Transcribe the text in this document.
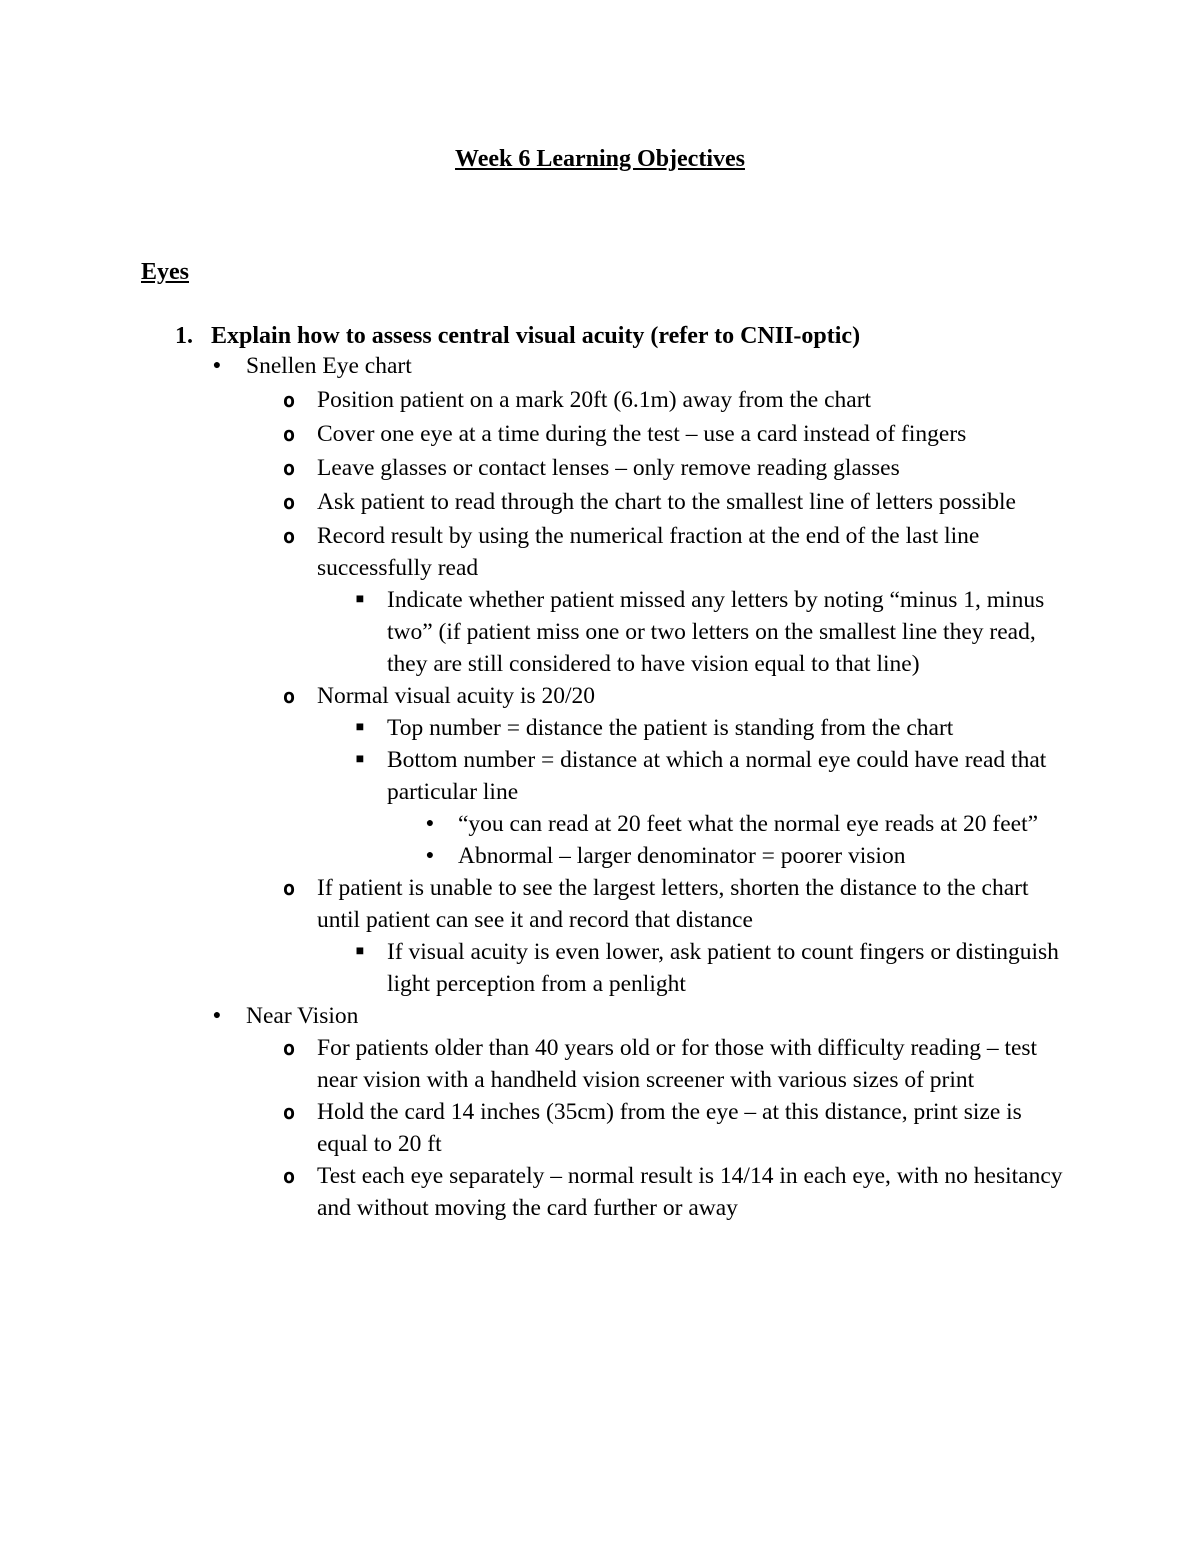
Week 6 Learning Objectives
Eyes
1. Explain how to assess central visual acuity (refer to CNII-optic)
● Snellen Eye chart
o Position patient on a mark 20ft (6.1m) away from the chart
o Cover one eye at a time during the test – use a card instead of fingers
o Leave glasses or contact lenses – only remove reading glasses
o Ask patient to read through the chart to the smallest line of letters possible
o Record result by using the numerical fraction at the end of the last line successfully read
■ Indicate whether patient missed any letters by noting “minus 1, minus two” (if patient miss one or two letters on the smallest line they read, they are still considered to have vision equal to that line)
o Normal visual acuity is 20/20
■ Top number = distance the patient is standing from the chart
■ Bottom number = distance at which a normal eye could have read that particular line
● “you can read at 20 feet what the normal eye reads at 20 feet”
● Abnormal – larger denominator = poorer vision
o If patient is unable to see the largest letters, shorten the distance to the chart until patient can see it and record that distance
■ If visual acuity is even lower, ask patient to count fingers or distinguish light perception from a penlight
● Near Vision
o For patients older than 40 years old or for those with difficulty reading – test near vision with a handheld vision screener with various sizes of print
o Hold the card 14 inches (35cm) from the eye – at this distance, print size is equal to 20 ft
o Test each eye separately – normal result is 14/14 in each eye, with no hesitancy and without moving the card further or away
